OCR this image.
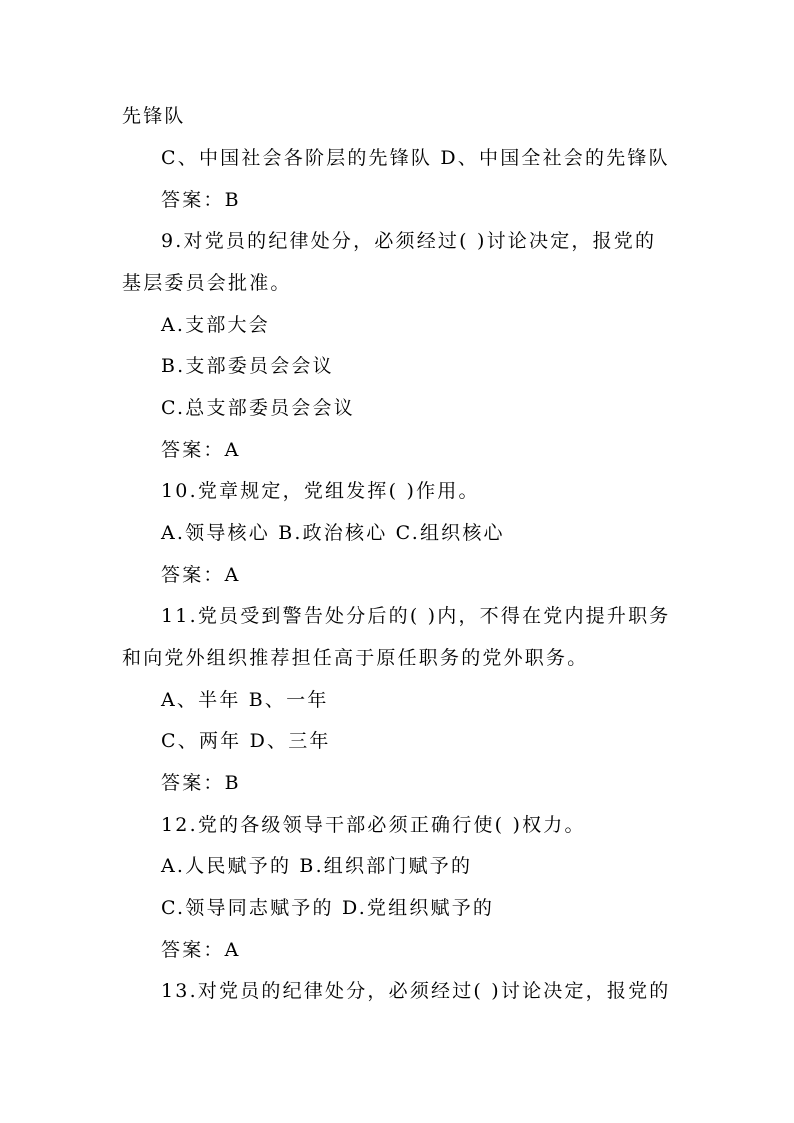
先锋队
C、中国社会各阶层的先锋队 D、中国全社会的先锋队
答案：B
9.对党员的纪律处分，必须经过( )讨论决定，报党的
基层委员会批准。
A.支部大会
B.支部委员会会议
C.总支部委员会会议
答案：A
10.党章规定，党组发挥( )作用。
A.领导核心 B.政治核心 C.组织核心
答案：A
11.党员受到警告处分后的( )内，不得在党内提升职务
和向党外组织推荐担任高于原任职务的党外职务。
A、半年 B、一年
C、两年 D、三年
答案：B
12.党的各级领导干部必须正确行使( )权力。
A.人民赋予的 B.组织部门赋予的
C.领导同志赋予的 D.党组织赋予的
答案：A
13.对党员的纪律处分，必须经过( )讨论决定，报党的
